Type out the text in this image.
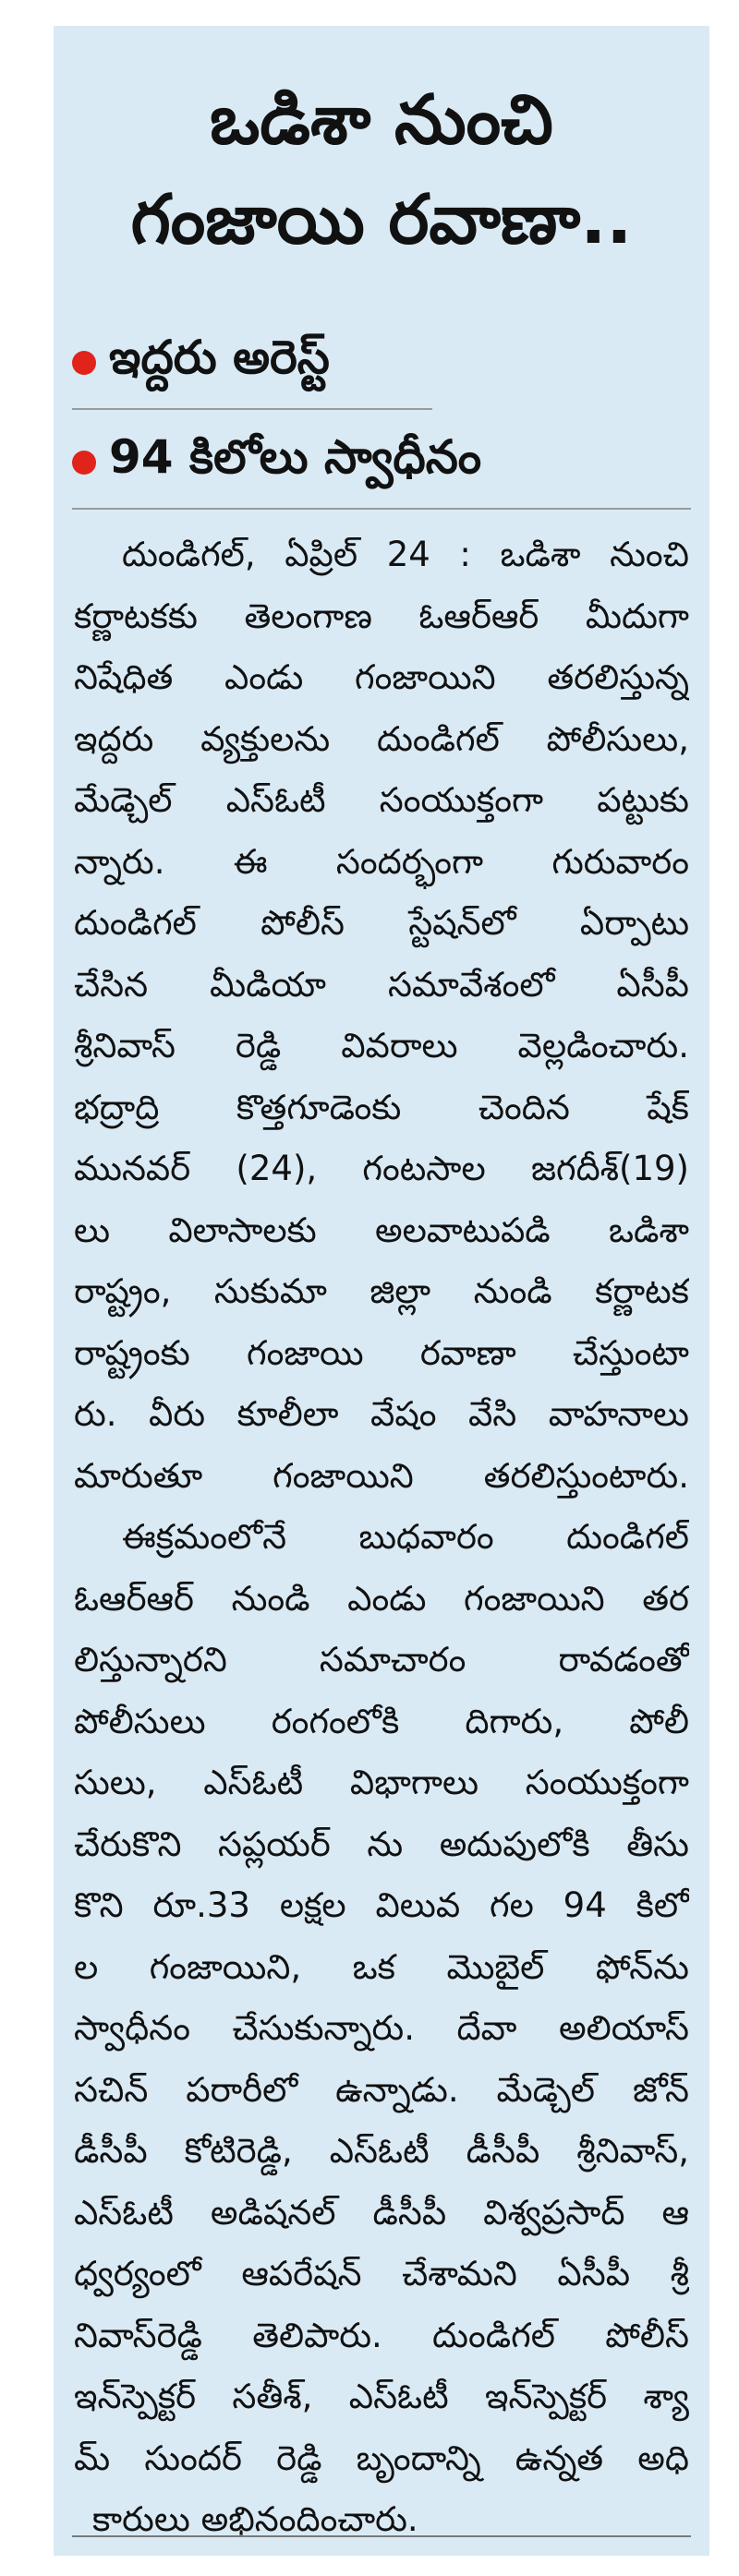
ఒడిశా నుంచి
గంజాయి రవాణా..
ఇద్దరు అరెస్ట్
94 కిలోలు స్వాధీనం
దుండిగల్, ఏప్రిల్ 24 : ఒడిశా నుంచి
కర్ణాటకకు తెలంగాణ ఓఆర్ఆర్ మీదుగా
నిషేధిత ఎండు గంజాయిని తరలిస్తున్న
ఇద్దరు వ్యక్తులను దుండిగల్ పోలీసులు,
మేడ్చెల్ ఎస్ఓటీ సంయుక్తంగా పట్టుకు
న్నారు. ఈ సందర్భంగా గురువారం
దుండిగల్ పోలీస్ స్టేషన్‌లో ఏర్పాటు
చేసిన మీడియా సమావేశంలో ఏసీపీ
శ్రీనివాస్ రెడ్డి వివరాలు వెల్లడించారు.
భద్రాద్రి కొత్తగూడెంకు చెందిన షేక్
మునవర్ (24), గంటసాల జగదీశ్(19)
లు విలాసాలకు అలవాటుపడి ఒడిశా
రాష్ట్రం, సుకుమా జిల్లా నుండి కర్ణాటక
రాష్ట్రంకు గంజాయి రవాణా చేస్తుంటా
రు. వీరు కూలీలా వేషం వేసి వాహనాలు
మారుతూ గంజాయిని తరలిస్తుంటారు.
ఈక్రమంలోనే బుధవారం దుండిగల్
ఓఆర్ఆర్ నుండి ఎండు గంజాయిని తర
లిస్తున్నారని సమాచారం రావడంతో
పోలీసులు రంగంలోకి దిగారు, పోలీ
సులు, ఎస్ఓటీ విభాగాలు సంయుక్తంగా
చేరుకొని సప్లయర్ ను అదుపులోకి తీసు
కొని రూ.33 లక్షల విలువ గల 94 కిలో
ల గంజాయిని, ఒక మొబైల్ ఫోన్‌ను
స్వాధీనం చేసుకున్నారు. దేవా అలియాస్
సచిన్ పరారీలో ఉన్నాడు. మేడ్చెల్ జోన్
డీసీపీ కోటిరెడ్డి, ఎస్ఓటీ డీసీపీ శ్రీనివాస్,
ఎస్ఓటీ అడిషనల్ డీసీపీ విశ్వప్రసాద్ ఆ
ధ్వర్యంలో ఆపరేషన్ చేశామని ఏసీపీ శ్రీ
నివాస్‌రెడ్డి తెలిపారు. దుండిగల్ పోలీస్
ఇన్‌స్పెక్టర్ సతీశ్, ఎస్ఓటీ ఇన్‌స్పెక్టర్ శ్యా
మ్ సుందర్ రెడ్డి బృందాన్ని ఉన్నత అధి
కారులు అభినందించారు.
